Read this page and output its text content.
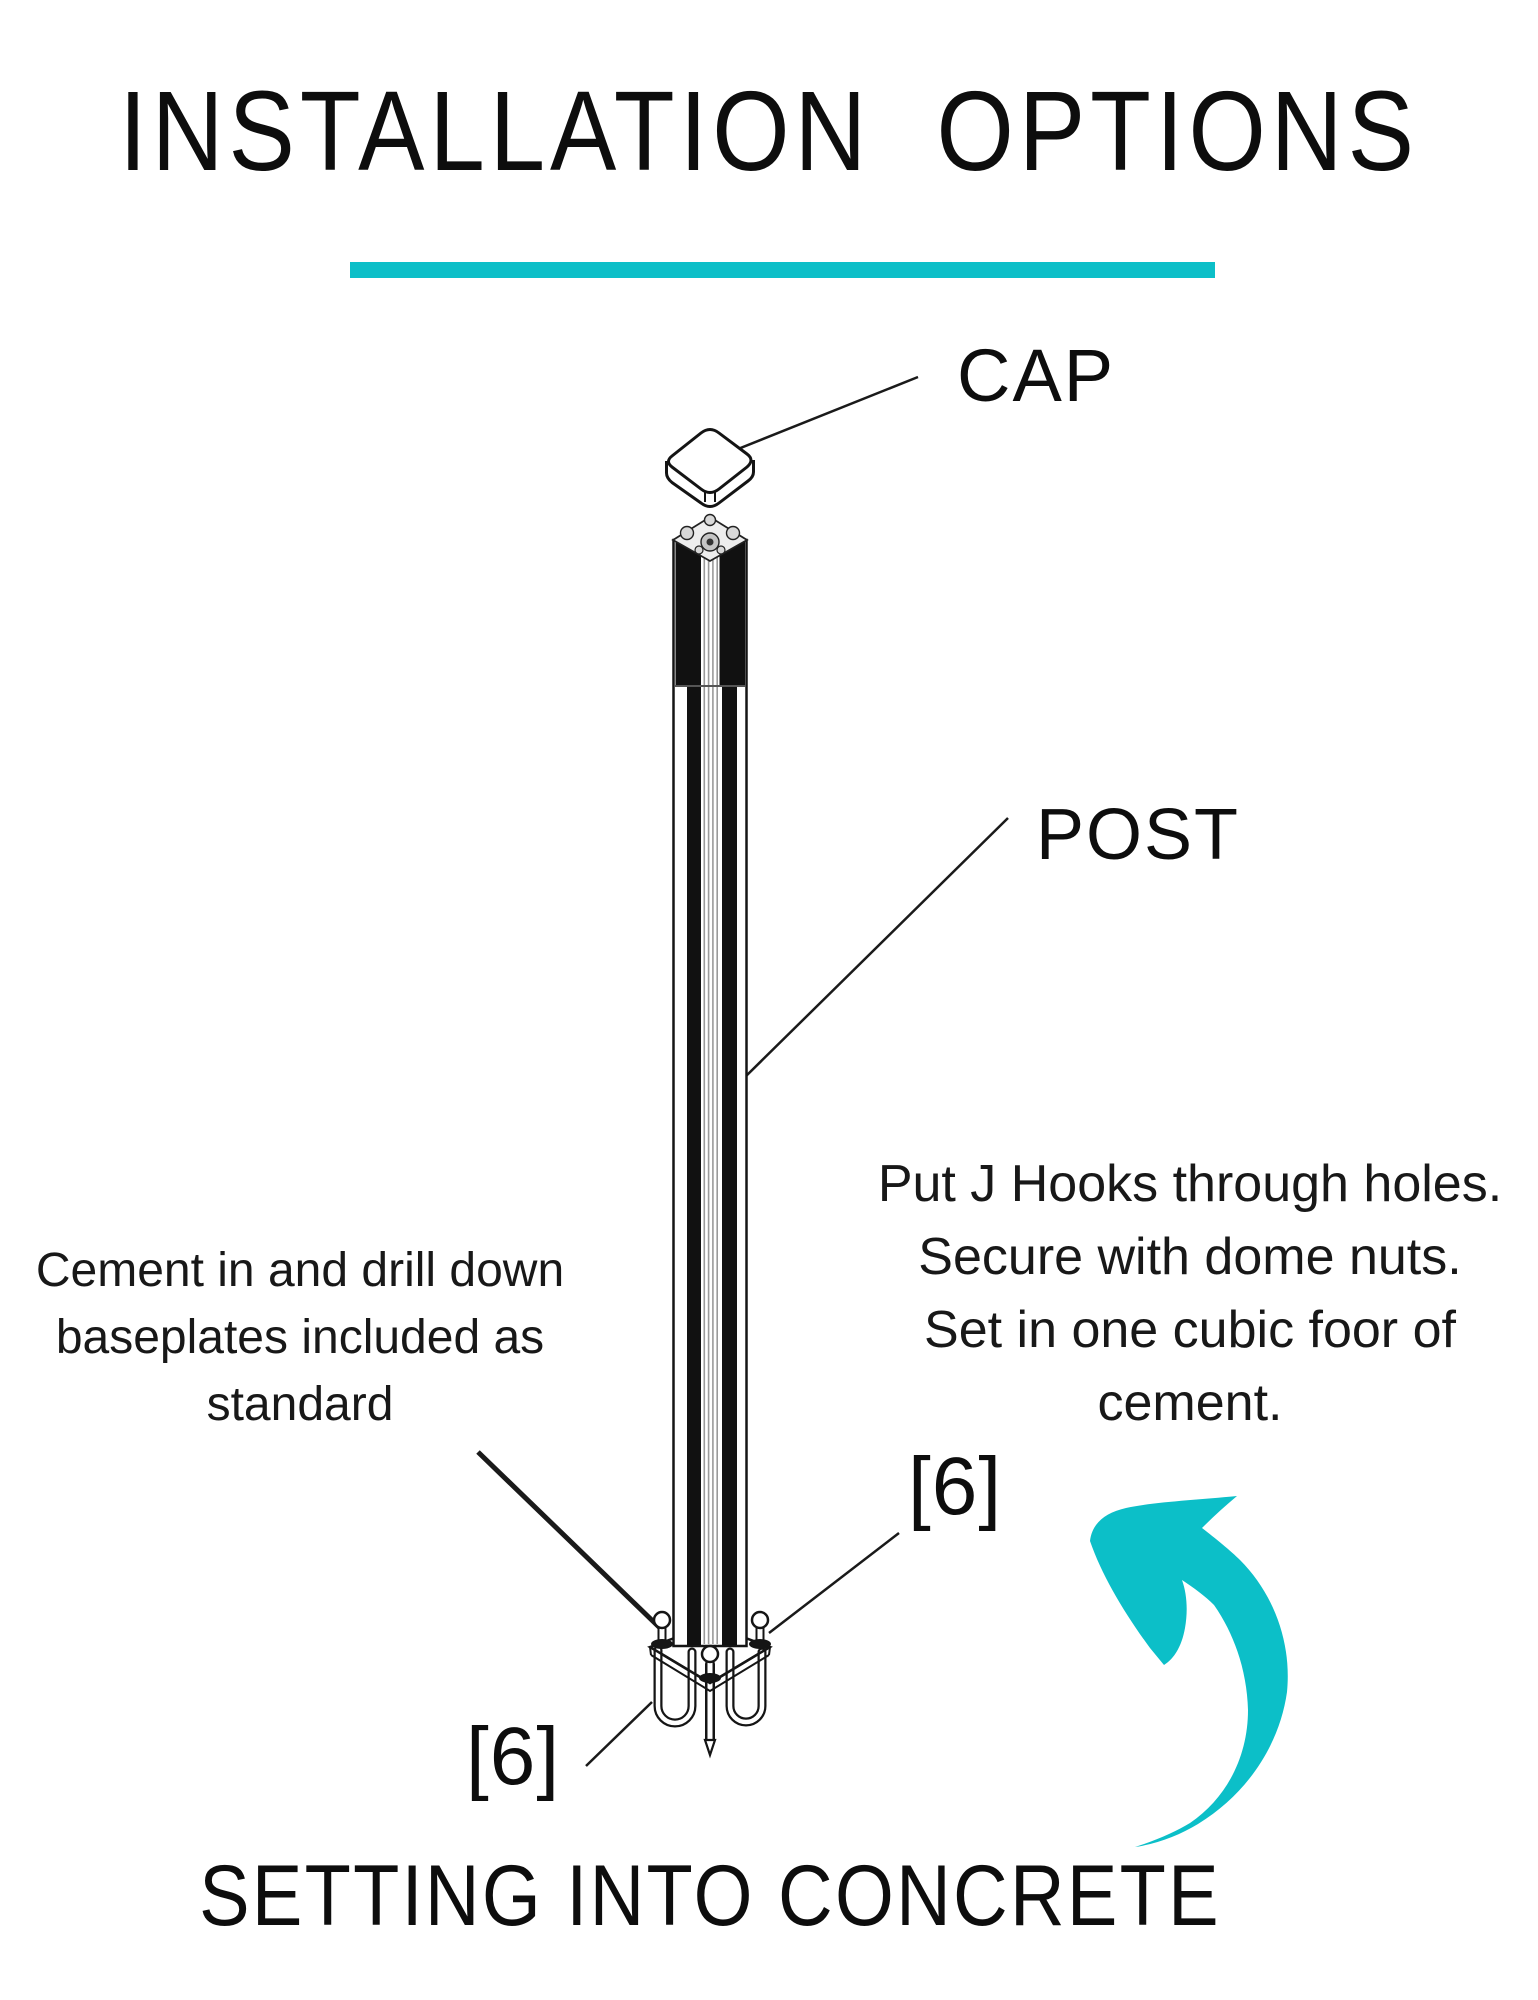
INSTALLATION  OPTIONS
CAP
POST
[6]
[6]
Cement in and drill down
baseplates included as
standard
Put J Hooks through holes.
Secure with dome nuts.
Set in one cubic foor of
cement.
SETTING INTO CONCRETE
